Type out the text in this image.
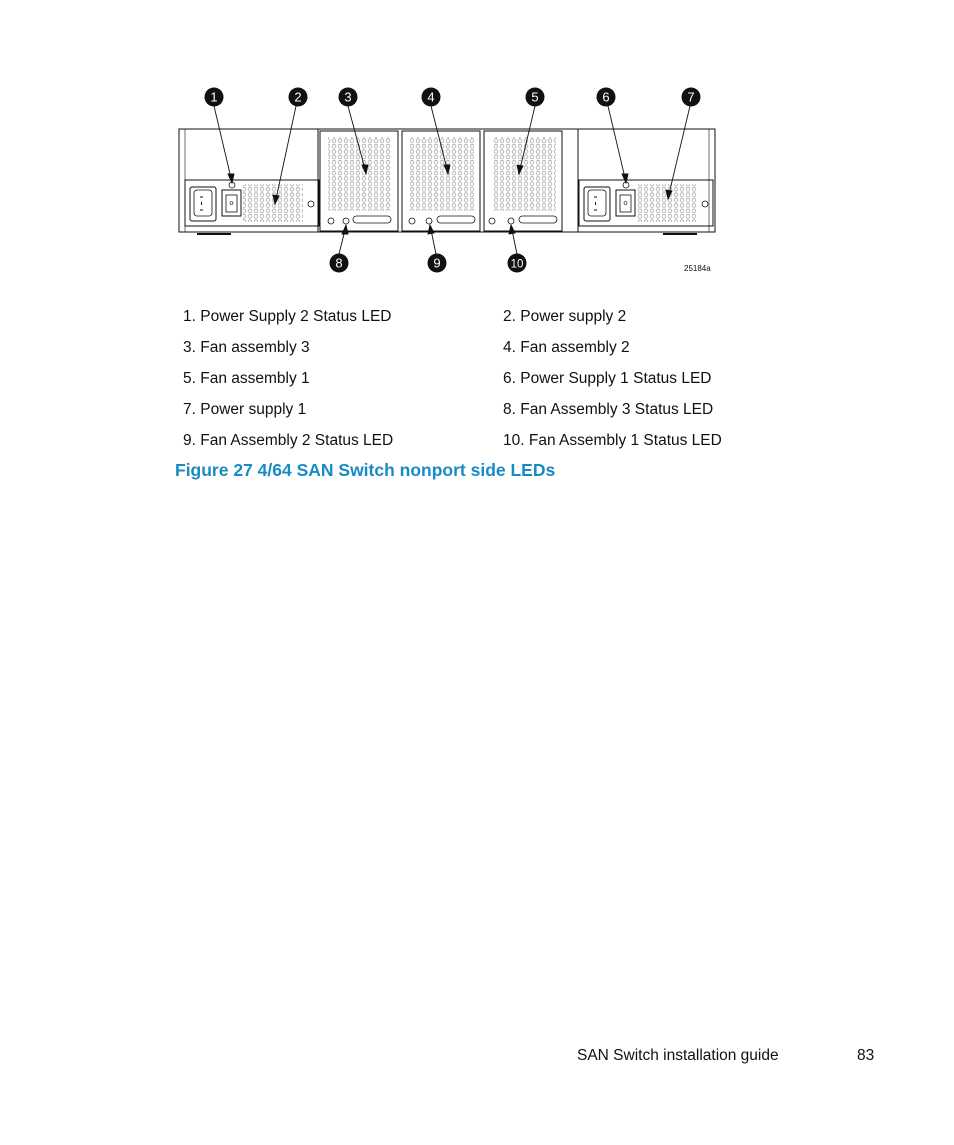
1	2	3	4	5	6	7
8	9	10	25184a
1. Power Supply 2 Status LED	2. Power supply 2
3. Fan assembly 3	4. Fan assembly 2
5. Fan assembly 1	6. Power Supply 1 Status LED
7. Power supply 1	8. Fan Assembly 3 Status LED
9. Fan Assembly 2 Status LED	10. Fan Assembly 1 Status LED
Figure 27 4/64 SAN Switch nonport side LEDs
SAN Switch installation guide	83
